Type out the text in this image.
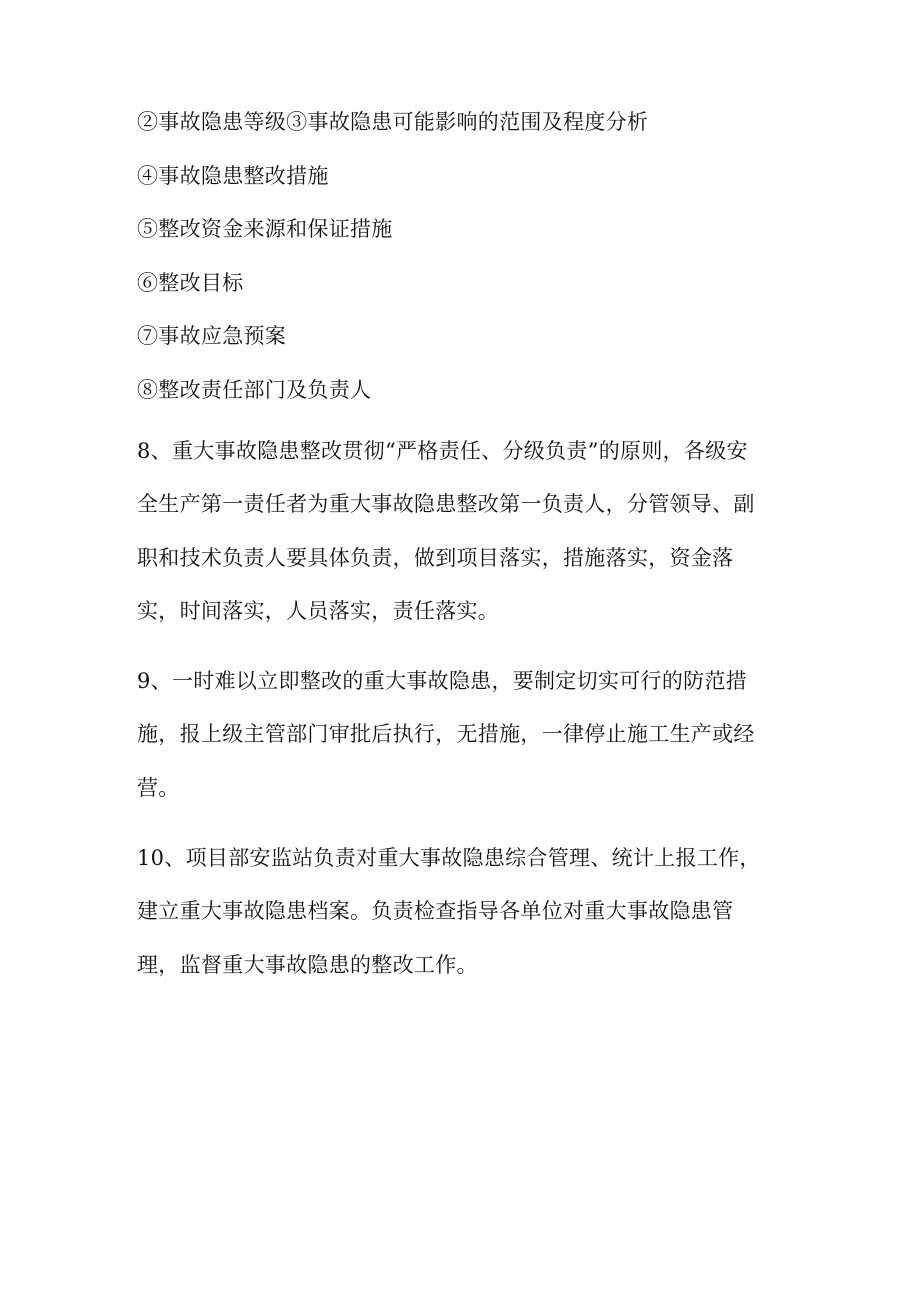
②事故隐患等级③事故隐患可能影响的范围及程度分析

④事故隐患整改措施

⑤整改资金来源和保证措施

⑥整改目标

⑦事故应急预案

⑧整改责任部门及负责人

8、重大事故隐患整改贯彻“严格责任、分级负责”的原则，各级安
全生产第一责任者为重大事故隐患整改第一负责人，分管领导、副
职和技术负责人要具体负责，做到项目落实，措施落实，资金落
实，时间落实，人员落实，责任落实。
9、一时难以立即整改的重大事故隐患，要制定切实可行的防范措
施，报上级主管部门审批后执行，无措施，一律停止施工生产或经
营。
10、项目部安监站负责对重大事故隐患综合管理、统计上报工作，
建立重大事故隐患档案。负责检查指导各单位对重大事故隐患管
理，监督重大事故隐患的整改工作。
